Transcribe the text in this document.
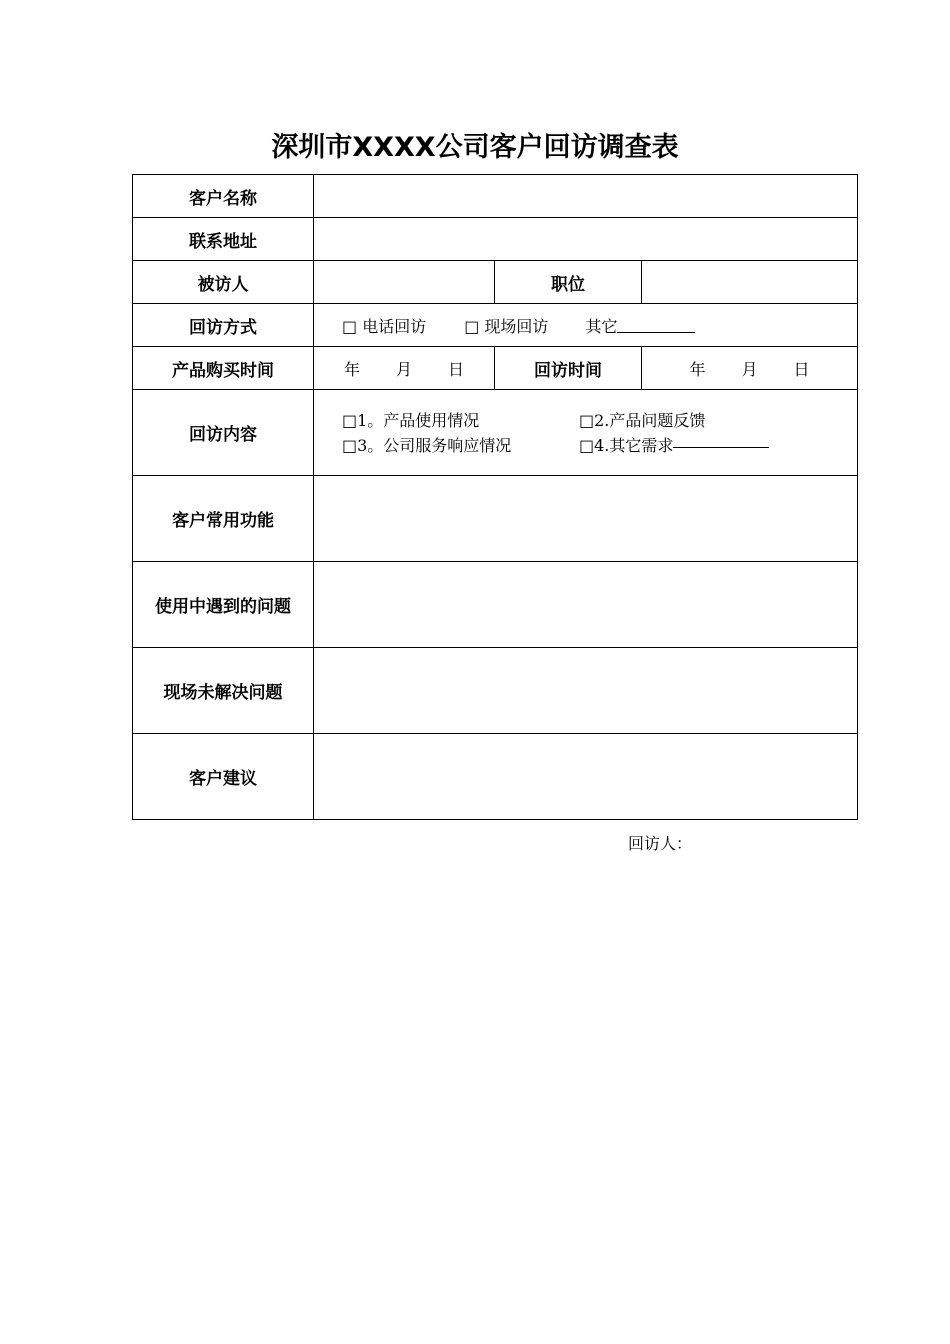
深圳市XXXX公司客户回访调查表
客户名称			
联系地址			
被访人		职位	
回访方式	□ 电话回访 □ 现场回访 其它		

产品购买时间	年 月 日	回访时间	年 月 日

回访内容	□1。产品使用情况 □2.产品问题反馈
□3。公司服务响应情况 □4.其它需求		

客户常用功能			
使用中遇到的问题			
现场未解决问题			
客户建议			
回访人：
